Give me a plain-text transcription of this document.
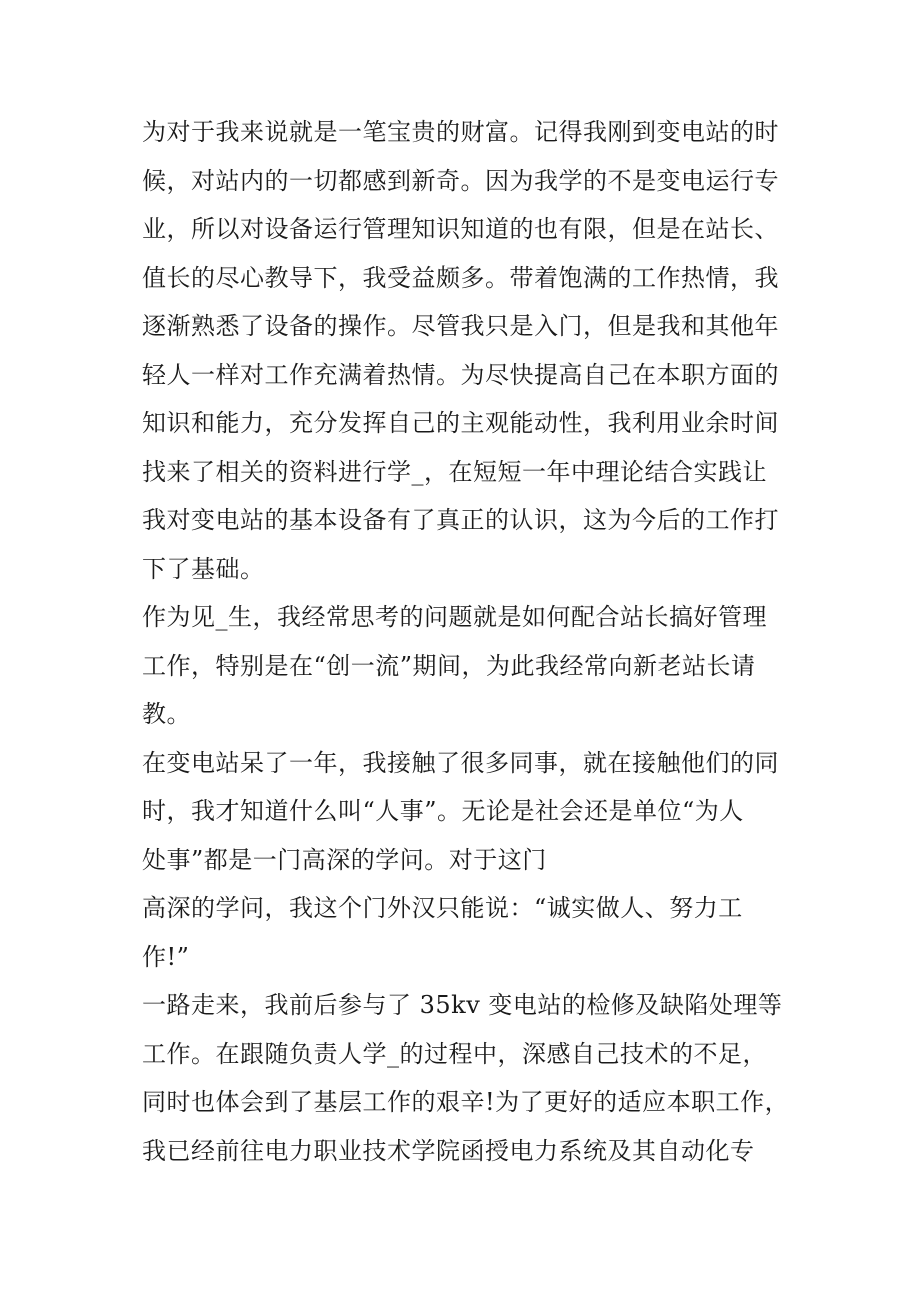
为对于我来说就是一笔宝贵的财富。记得我刚到变电站的时
候，对站内的一切都感到新奇。因为我学的不是变电运行专
业，所以对设备运行管理知识知道的也有限，但是在站长、
值长的尽心教导下，我受益颇多。带着饱满的工作热情，我
逐渐熟悉了设备的操作。尽管我只是入门，但是我和其他年
轻人一样对工作充满着热情。为尽快提高自己在本职方面的
知识和能力，充分发挥自己的主观能动性，我利用业余时间
找来了相关的资料进行学_，在短短一年中理论结合实践让
我对变电站的基本设备有了真正的认识，这为今后的工作打
下了基础。
作为见_生，我经常思考的问题就是如何配合站长搞好管理
工作，特别是在“创一流”期间，为此我经常向新老站长请
教。
在变电站呆了一年，我接触了很多同事，就在接触他们的同
时，我才知道什么叫“人事”。无论是社会还是单位“为人
处事”都是一门高深的学问。对于这门
高深的学问，我这个门外汉只能说：“诚实做人、努力工
作!”
一路走来，我前后参与了 35kv 变电站的检修及缺陷处理等
工作。在跟随负责人学_的过程中，深感自己技术的不足，
同时也体会到了基层工作的艰辛!为了更好的适应本职工作，
我已经前往电力职业技术学院函授电力系统及其自动化专
